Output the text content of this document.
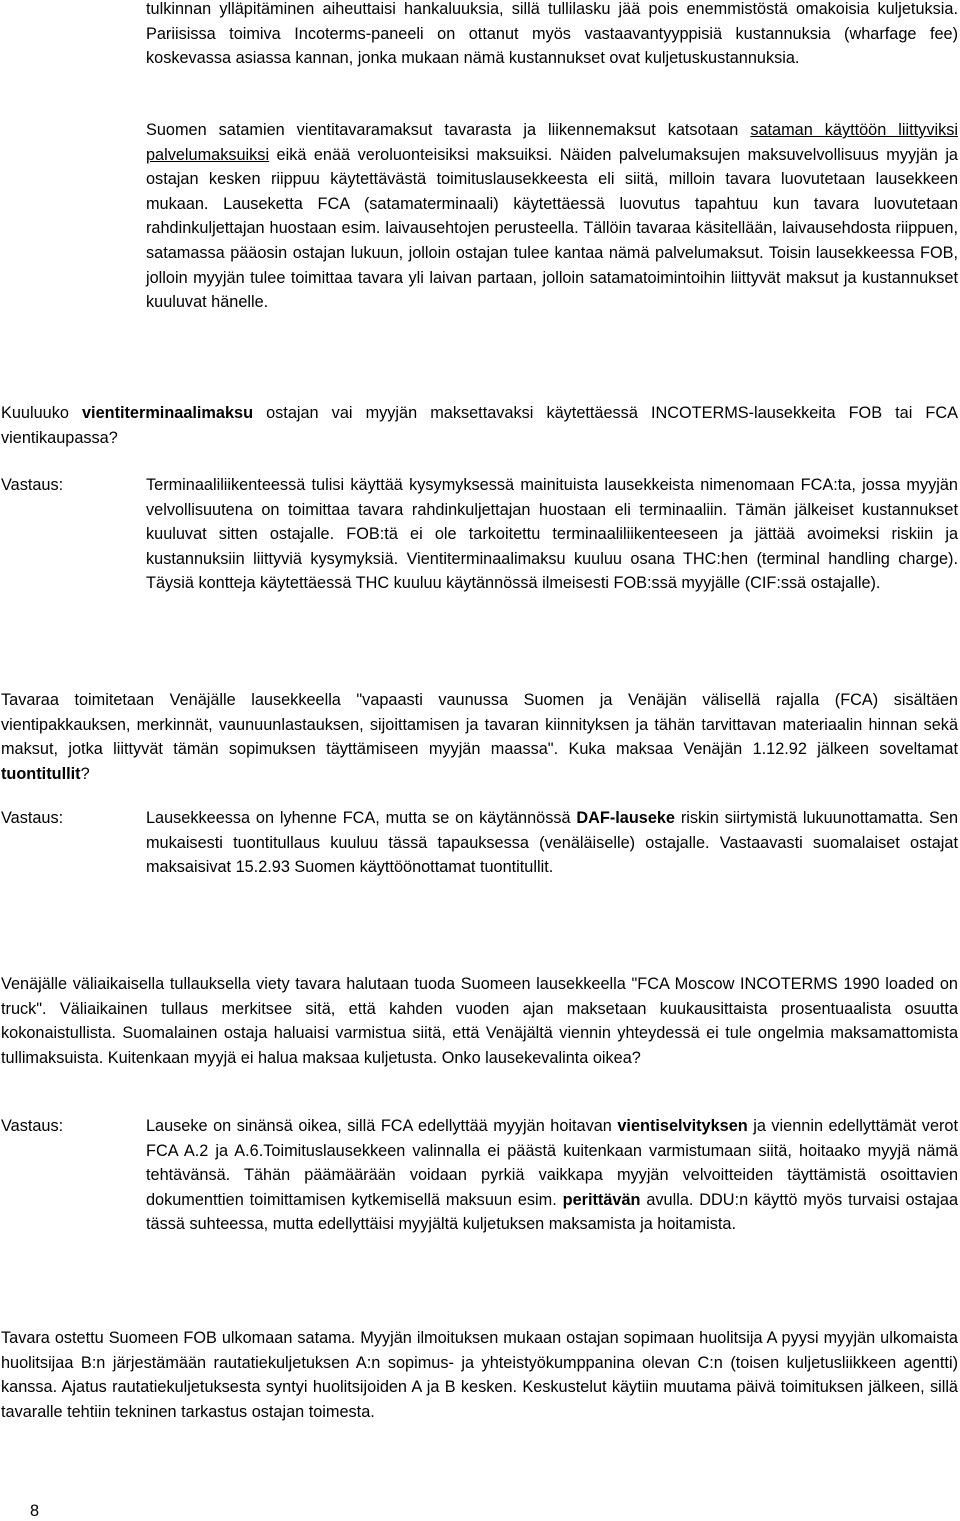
tulkinnan ylläpitäminen aiheuttaisi hankaluuksia, sillä tullilasku jää pois enemmistöstä omakoisia kuljetuksia. Pariisissa toimiva Incoterms-paneeli on ottanut myös vastaavantyyppisiä kustannuksia (wharfage fee) koskevassa asiassa kannan, jonka mukaan nämä kustannukset ovat kuljetuskustannuksia.

Suomen satamien vientitavaramaksut tavarasta ja liikennemaksut katsotaan sataman käyttöön liittyviksi palvelumaksuiksi eikä enää veroluonteisiksi maksuiksi. Näiden palvelumaksujen maksuvelvollisuus myyjän ja ostajan kesken riippuu käytettävästä toimituslausekkeesta eli siitä, milloin tavara luovutetaan lausekkeen mukaan. Lauseketta FCA (satamaterminaali) käytettäessä luovutus tapahtuu kun tavara luovutetaan rahdinkuljettajan huostaan esim. laivausehtojen perusteella. Tällöin tavaraa käsitellään, laivausehdosta riippuen, satamassa pääosin ostajan lukuun, jolloin ostajan tulee kantaa nämä palvelumaksut. Toisin lausekkeessa FOB, jolloin myyjän tulee toimittaa tavara yli laivan partaan, jolloin satamatoimintoihin liittyvät maksut ja kustannukset kuuluvat hänelle.

Kuuluuko vientiterminaalimaksu ostajan vai myyjän maksettavaksi käytettäessä INCOTERMS-lausekkeita FOB tai FCA vientikaupassa?

Vastaus:	Terminaaliliikenteessä tulisi käyttää kysymyksessä mainituista lausekkeista nimenomaan FCA:ta, jossa myyjän velvollisuutena on toimittaa tavara rahdinkuljettajan huostaan eli terminaaliin. Tämän jälkeiset kustannukset kuuluvat sitten ostajalle. FOB:tä ei ole tarkoitettu terminaaliliikenteeseen ja jättää avoimeksi riskiin ja kustannuksiin liittyviä kysymyksiä. Vientiterminaalimaksu kuuluu osana THC:hen (terminal handling charge). Täysiä kontteja käytettäessä THC kuuluu käytännössä ilmeisesti FOB:ssä myyjälle (CIF:ssä ostajalle).

Tavaraa toimitetaan Venäjälle lausekkeella "vapaasti vaunussa Suomen ja Venäjän välisellä rajalla (FCA) sisältäen vientipakkauksen, merkinnät, vaunuunlastauksen, sijoittamisen ja tavaran kiinnityksen ja tähän tarvittavan materiaalin hinnan sekä maksut, jotka liittyvät tämän sopimuksen täyttämiseen myyjän maassa". Kuka maksaa Venäjän 1.12.92 jälkeen soveltamat tuontitullit?

Vastaus:	Lausekkeessa on lyhenne FCA, mutta se on käytännössä DAF-lauseke riskin siirtymistä lukuunottamatta. Sen mukaisesti tuontitullaus kuuluu tässä tapauksessa (venäläiselle) ostajalle. Vastaavasti suomalaiset ostajat maksaisivat 15.2.93 Suomen käyttöönottamat tuontitullit.

Venäjälle väliaikaisella tullauksella viety tavara halutaan tuoda Suomeen lausekkeella "FCA Moscow INCOTERMS 1990 loaded on truck". Väliaikainen tullaus merkitsee sitä, että kahden vuoden ajan maksetaan kuukausittaista prosentuaalista osuutta kokonaistullista. Suomalainen ostaja haluaisi varmistua siitä, että Venäjältä viennin yhteydessä ei tule ongelmia maksamattomista tullimaksuista. Kuitenkaan myyjä ei halua maksaa kuljetusta. Onko lausekevalinta oikea?

Vastaus:	Lauseke on sinänsä oikea, sillä FCA edellyttää myyjän hoitavan vientiselvityksen ja viennin edellyttämät verot FCA A.2 ja A.6.Toimituslausekkeen valinnalla ei päästä kuitenkaan varmistumaan siitä, hoitaako myyjä nämä tehtävänsä. Tähän päämäärään voidaan pyrkiä vaikkapa myyjän velvoitteiden täyttämistä osoittavien dokumenttien toimittamisen kytkemisellä maksuun esim. perittävän avulla. DDU:n käyttö myös turvaisi ostajaa tässä suhteessa, mutta edellyttäisi myyjältä kuljetuksen maksamista ja hoitamista.

Tavara ostettu Suomeen FOB ulkomaan satama. Myyjän ilmoituksen mukaan ostajan sopimaan huolitsija A pyysi myyjän ulkomaista huolitsijaa B:n järjestämään rautatiekuljetuksen A:n sopimus- ja yhteistyökumppanina olevan C:n (toisen kuljetusliikkeen agentti) kanssa. Ajatus rautatiekuljetuksesta syntyi huolitsijoiden A ja B kesken. Keskustelut käytiin muutama päivä toimituksen jälkeen, sillä tavaralle tehtiin tekninen tarkastus ostajan toimesta.

8
